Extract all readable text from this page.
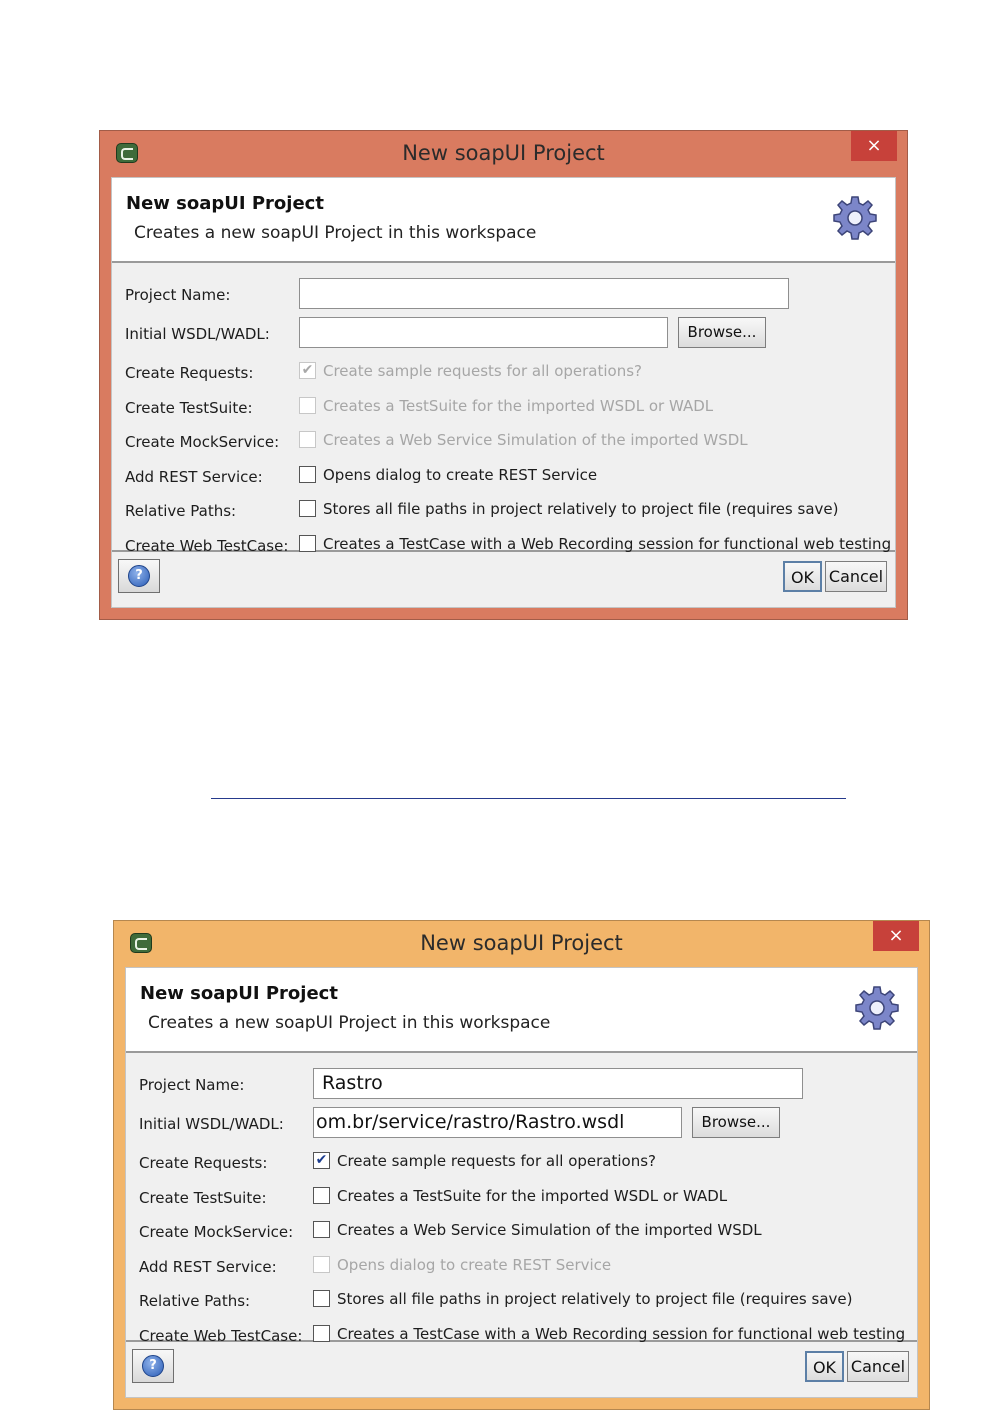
New soapUI Project	×
New soapUI Project
Creates a new soapUI Project in this workspace
Project Name:
Initial WSDL/WADL:	Browse...
?	OK Cancel
Create Requests:	✔ Create sample requests for all operations?
Create TestSuite:	Creates a TestSuite for the imported WSDL or WADL
Create MockService:	Creates a Web Service Simulation of the imported WSDL
Add REST Service:	Opens dialog to create REST Service
Relative Paths:	Stores all file paths in project relatively to project file (requires save)
Create Web TestCase: Creates a TestCase with a Web Recording session for functional web testing
New soapUI Project	×
New soapUI Project
Creates a new soapUI Project in this workspace
Project Name:	Rastro
Initial WSDL/WADL: om.br/service/rastro/Rastro.wsdl	Browse...
?	OK Cancel
Create Requests:	✔ Create sample requests for all operations?
Create TestSuite:	Creates a TestSuite for the imported WSDL or WADL
Create MockService:	Creates a Web Service Simulation of the imported WSDL
Add REST Service:	Opens dialog to create REST Service
Relative Paths:	Stores all file paths in project relatively to project file (requires save)
Create Web TestCase: Creates a TestCase with a Web Recording session for functional web testing
